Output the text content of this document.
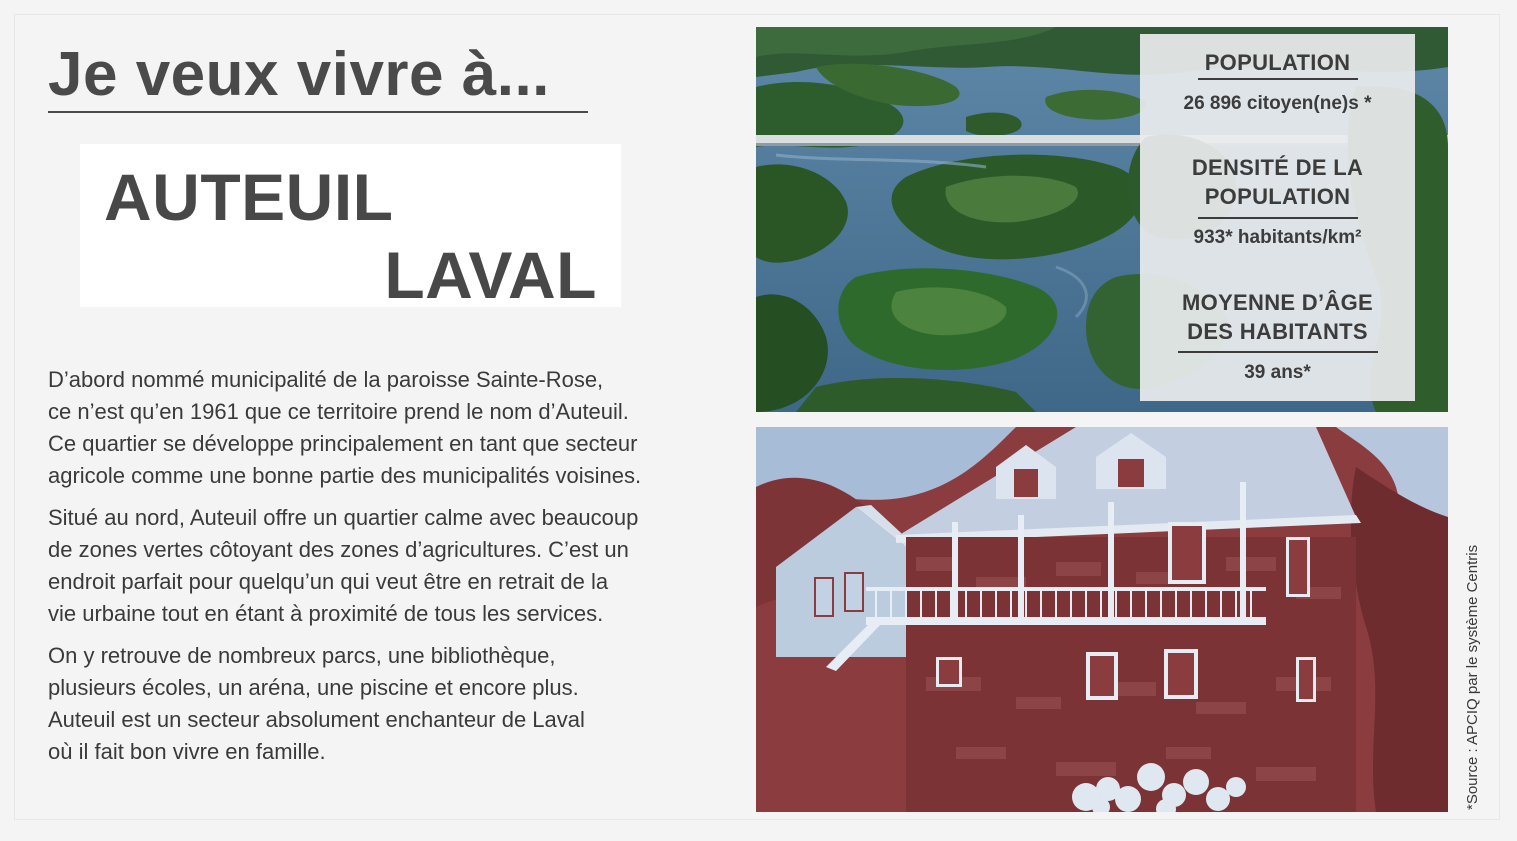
Je veux vivre à...
AUTEUIL
LAVAL

D’abord nommé municipalité de la paroisse Sainte-Rose,
ce n’est qu’en 1961 que ce territoire prend le nom d’Auteuil.
Ce quartier se développe principalement en tant que secteur
agricole comme une bonne partie des municipalités voisines.

Situé au nord, Auteuil offre un quartier calme avec beaucoup
de zones vertes côtoyant des zones d’agricultures. C’est un
endroit parfait pour quelqu’un qui veut être en retrait de la
vie urbaine tout en étant à proximité de tous les services.

On y retrouve de nombreux parcs, une bibliothèque,
plusieurs écoles, un aréna, une piscine et encore plus.
Auteuil est un secteur absolument enchanteur de Laval
où il fait bon vivre en famille.

POPULATION
26 896 citoyen(ne)s *
DENSITÉ DE LA
POPULATION
933* habitants/km²
MOYENNE D’ÂGE
DES HABITANTS
39 ans*
*Source : APCIQ par le système Centris
